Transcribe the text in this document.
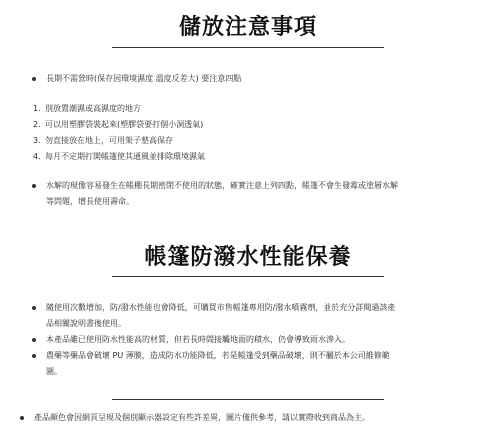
儲放注意事項
長期不需營時(保存因環境濕度 溫度反差大) 要注意四點
1. 別放置潮濕或高濕度的地方
2. 可以用塑膠袋裝起來(塑膠袋要打個小洞透氣)
3. 勿直接放在地上，可用架子墊高保存
4. 每月不定期打開帳篷使其通風並排除環境濕氣
水解的現像容易發生在帳棚長期密閉不使用的狀態，確實注意上列四點，帳篷不會生發霉或塗層水解
等問題，增長使用壽命。
帳篷防潑水性能保養
隨使用次數增加，防/潑水性能也會降低，可購買市售帳篷專用防/潑水噴霧劑，並於充分詳閱過該產
品相關說明書後使用。
本產品雖已使用防水性能高的材質，但若長時間接觸地面的積水，仍會導致雨水滲入。
農藥等藥品會破壞 PU 薄膜，造成防水功能降低，若是帳篷受到藥品破壞，則不屬於本公司維修範
圍。
產品顏色會因網頁呈現及個別顯示器設定有些許差異，圖片僅供參考，請以實際收到商品為主。
